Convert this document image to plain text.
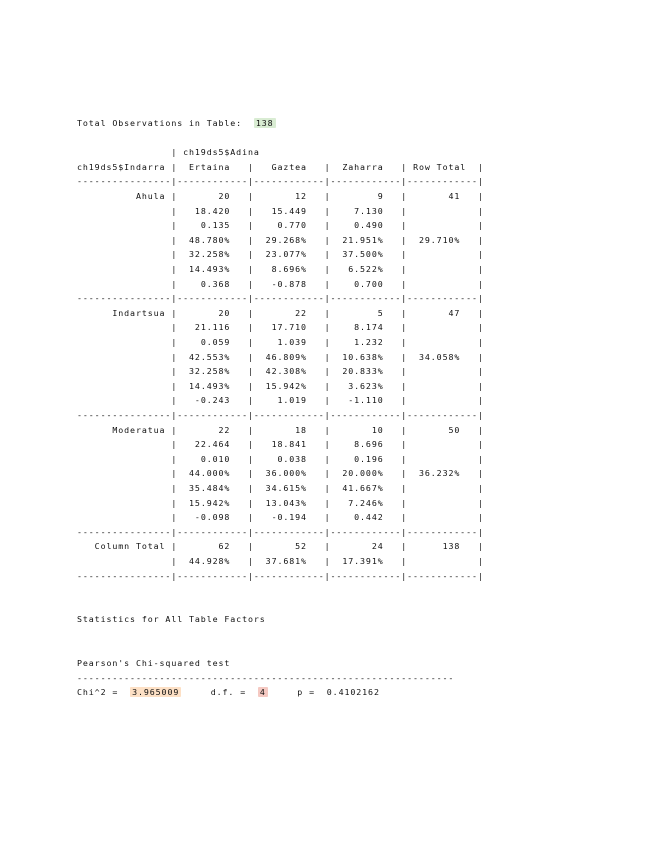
Total Observations in Table: 138
| ch19ds5$Adina
ch19ds5$Indarra |  Ertaina   |   Gaztea   |  Zaharra   | Row Total  |
----------------|------------|------------|------------|------------|
Ahula |       20   |       12   |        9   |       41   |
|   18.420   |   15.449   |    7.130   |	|
|    0.135   |    0.770   |    0.490   |	|
|  48.780%   |  29.268%   |  21.951%   |  29.710%   |
|  32.258%   |  23.077%   |  37.500%   |	|
|  14.493%   |   8.696%   |   6.522%   |	|
|    0.368   |   -0.878   |    0.700   |	|
----------------|------------|------------|------------|------------|
Indartsua |       20   |       22   |        5   |       47   |
|   21.116   |   17.710   |    8.174   |	|
|    0.059   |    1.039   |    1.232   |	|
|  42.553%   |  46.809%   |  10.638%   |  34.058%   |
|  32.258%   |  42.308%   |  20.833%   |	|
|  14.493%   |  15.942%   |   3.623%   |	|
|   -0.243   |    1.019   |   -1.110   |	|
----------------|------------|------------|------------|------------|
Moderatua |       22   |       18   |       10   |       50   |
|   22.464   |   18.841   |    8.696   |	|
|    0.010   |    0.038   |    0.196   |	|
|  44.000%   |  36.000%   |  20.000%   |  36.232%   |
|  35.484%   |  34.615%   |  41.667%   |	|
|  15.942%   |  13.043%   |   7.246%   |	|
|   -0.098   |   -0.194   |    0.442   |	|
----------------|------------|------------|------------|------------|
Column Total |       62   |       52   |       24   |      138   |
|  44.928%   |  37.681%   |  17.391%   |	|
----------------|------------|------------|------------|------------|
Statistics for All Table Factors
Pearson's Chi-squared test
----------------------------------------------------------------
Chi^2 = 3.965009	d.f. = 4	p = 0.4102162
